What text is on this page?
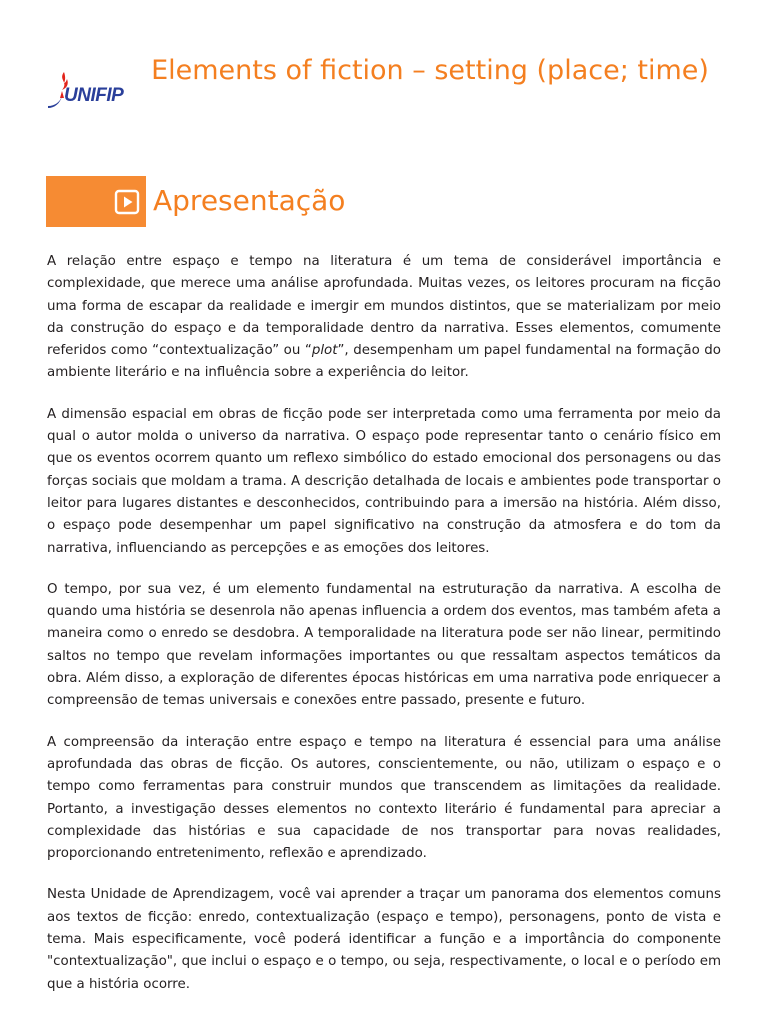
UNIFIP
Elements of fiction – setting (place; time)
Apresentação

A relação entre espaço e tempo na literatura é um tema de considerável importância e complexidade, que merece uma análise aprofundada. Muitas vezes, os leitores procuram na ficção uma forma de escapar da realidade e imergir em mundos distintos, que se materializam por meio da construção do espaço e da temporalidade dentro da narrativa. Esses elementos, comumente referidos como “contextualização” ou “plot”, desempenham um papel fundamental na formação do ambiente literário e na influência sobre a experiência do leitor.

A dimensão espacial em obras de ficção pode ser interpretada como uma ferramenta por meio da qual o autor molda o universo da narrativa. O espaço pode representar tanto o cenário físico em que os eventos ocorrem quanto um reflexo simbólico do estado emocional dos personagens ou das forças sociais que moldam a trama. A descrição detalhada de locais e ambientes pode transportar o leitor para lugares distantes e desconhecidos, contribuindo para a imersão na história. Além disso, o espaço pode desempenhar um papel significativo na construção da atmosfera e do tom da narrativa, influenciando as percepções e as emoções dos leitores.

O tempo, por sua vez, é um elemento fundamental na estruturação da narrativa. A escolha de quando uma história se desenrola não apenas influencia a ordem dos eventos, mas também afeta a maneira como o enredo se desdobra. A temporalidade na literatura pode ser não linear, permitindo saltos no tempo que revelam informações importantes ou que ressaltam aspectos temáticos da obra. Além disso, a exploração de diferentes épocas históricas em uma narrativa pode enriquecer a compreensão de temas universais e conexões entre passado, presente e futuro.

A compreensão da interação entre espaço e tempo na literatura é essencial para uma análise aprofundada das obras de ficção. Os autores, conscientemente, ou não, utilizam o espaço e o tempo como ferramentas para construir mundos que transcendem as limitações da realidade. Portanto, a investigação desses elementos no contexto literário é fundamental para apreciar a complexidade das histórias e sua capacidade de nos transportar para novas realidades, proporcionando entretenimento, reflexão e aprendizado.

Nesta Unidade de Aprendizagem, você vai aprender a traçar um panorama dos elementos comuns aos textos de ficção: enredo, contextualização (espaço e tempo), personagens, ponto de vista e tema. Mais especificamente, você poderá identificar a função e a importância do componente "contextualização", que inclui o espaço e o tempo, ou seja, respectivamente, o local e o período em que a história ocorre.
